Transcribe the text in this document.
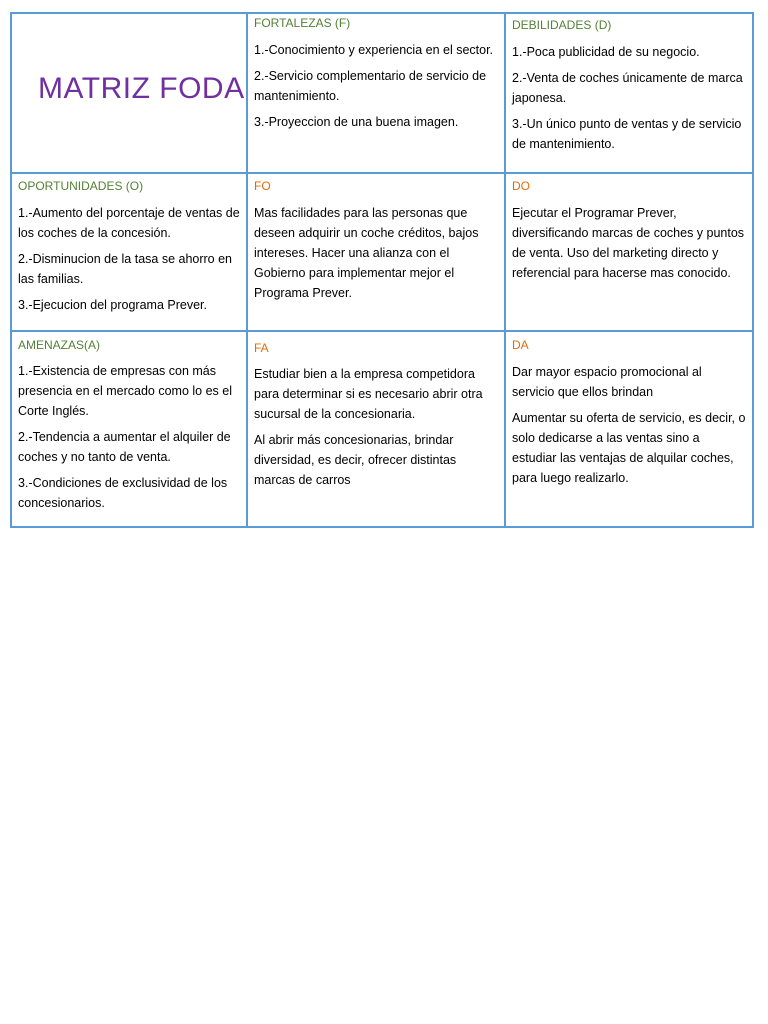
MATRIZ FODA
FORTALEZAS (F)

1.-Conocimiento y experiencia en el sector.

2.-Servicio complementario de servicio de mantenimiento.

3.-Proyeccion de una buena imagen.

DEBILIDADES (D)

1.-Poca publicidad de su negocio.

2.-Venta de coches únicamente de marca japonesa.

3.-Un único punto de ventas y de servicio de mantenimiento.

OPORTUNIDADES (O)

1.-Aumento del porcentaje de ventas de los coches de la concesión.

2.-Disminucion de la tasa se ahorro en las familias.

3.-Ejecucion del programa Prever.

FO

Mas facilidades para las personas que deseen adquirir un coche créditos, bajos intereses. Hacer una alianza con el Gobierno para implementar mejor el Programa Prever.

DO

Ejecutar el Programar Prever, diversificando marcas de coches y puntos de venta. Uso del marketing directo y referencial para hacerse mas conocido.

AMENAZAS(A)

1.-Existencia de empresas con más presencia en el mercado como lo es el Corte Inglés.

2.-Tendencia a aumentar el alquiler de coches y no tanto de venta.

3.-Condiciones de exclusividad de los concesionarios.

FA

Estudiar bien a la empresa competidora para determinar si es necesario abrir otra sucursal de la concesionaria.

Al abrir más concesionarias, brindar diversidad, es decir, ofrecer distintas marcas de carros

DA

Dar mayor espacio promocional al servicio que ellos brindan

Aumentar su oferta de servicio, es decir, o solo dedicarse a las ventas sino a estudiar las ventajas de alquilar coches, para luego realizarlo.
